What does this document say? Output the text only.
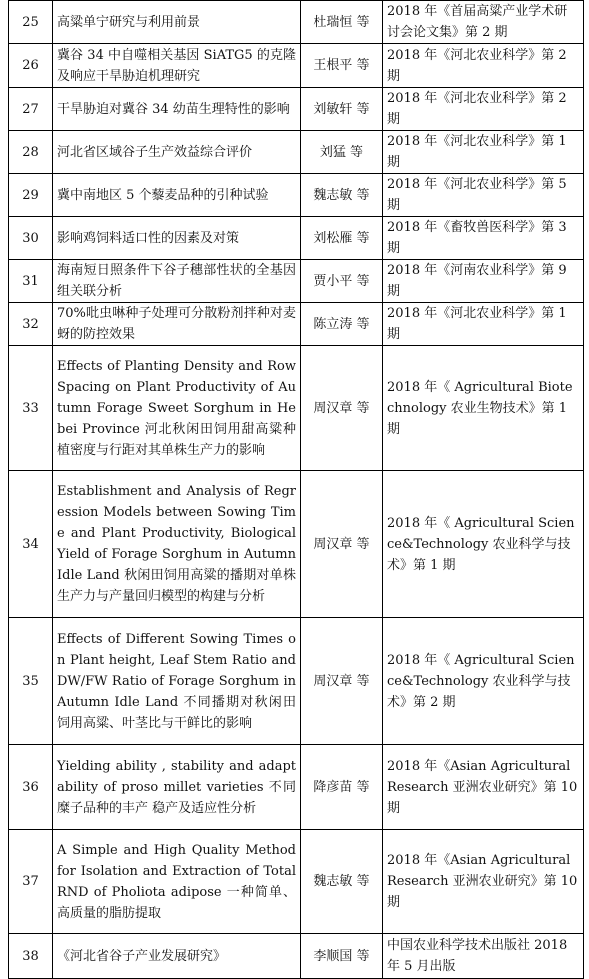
25	高粱单宁研究与利用前景	杜瑞恒 等	2018 年《首届高粱产业学术研讨会论文集》第 2 期
26	冀谷 34 中自噬相关基因 SiATG5 的克隆及响应干旱胁迫机理研究	王根平 等	2018 年《河北农业科学》第 2 期
27	干旱胁迫对冀谷 34 幼苗生理特性的影响	刘敏轩 等	2018 年《河北农业科学》第 2 期
28	河北省区域谷子生产效益综合评价	刘猛 等	2018 年《河北农业科学》第 1 期
29	冀中南地区 5 个藜麦品种的引种试验	魏志敏 等	2018 年《河北农业科学》第 5 期
30	影响鸡饲料适口性的因素及对策	刘松雁 等	2018 年《畜牧兽医科学》第 3 期
31	海南短日照条件下谷子穗部性状的全基因组关联分析	贾小平 等	2018 年《河南农业科学》第 9 期
32	70%吡虫啉种子处理可分散粉剂拌种对麦蚜的防控效果	陈立涛 等	2018 年《河北农业科学》第 1 期
33	Effects of Planting Density and Row Spacing on Plant Productivity of Autumn Forage Sweet Sorghum in Hebei Province 河北秋闲田饲用甜高粱种植密度与行距对其单株生产力的影响	周汉章 等	2018 年《 Agricultural Biotechnology 农业生物技术》第 1 期
34	Establishment and Analysis of Regression Models between Sowing Time and Plant Productivity, Biological Yield of Forage Sorghum in Autumn Idle Land 秋闲田饲用高粱的播期对单株生产力与产量回归模型的构建与分析	周汉章 等	2018 年《 Agricultural Science&Technology 农业科学与技术》第 1 期
35	Effects of Different Sowing Times on Plant height, Leaf Stem Ratio and DW/FW Ratio of Forage Sorghum in Autumn Idle Land 不同播期对秋闲田饲用高粱、叶茎比与干鲜比的影响	周汉章 等	2018 年《 Agricultural Science&Technology 农业科学与技术》第 2 期
36	Yielding ability , stability and adaptability of proso millet varieties 不同糜子品种的丰产 稳产及适应性分析	降彦苗 等	2018 年《Asian Agricultural Research 亚洲农业研究》第 10 期
37	A Simple and High Quality Method for Isolation and Extraction of Total RND of Pholiota adipose 一种简单、高质量的脂肪提取	魏志敏 等	2018 年《Asian Agricultural Research 亚洲农业研究》第 10 期
38	《河北省谷子产业发展研究》	李顺国 等	中国农业科学技术出版社 2018 年 5 月出版
